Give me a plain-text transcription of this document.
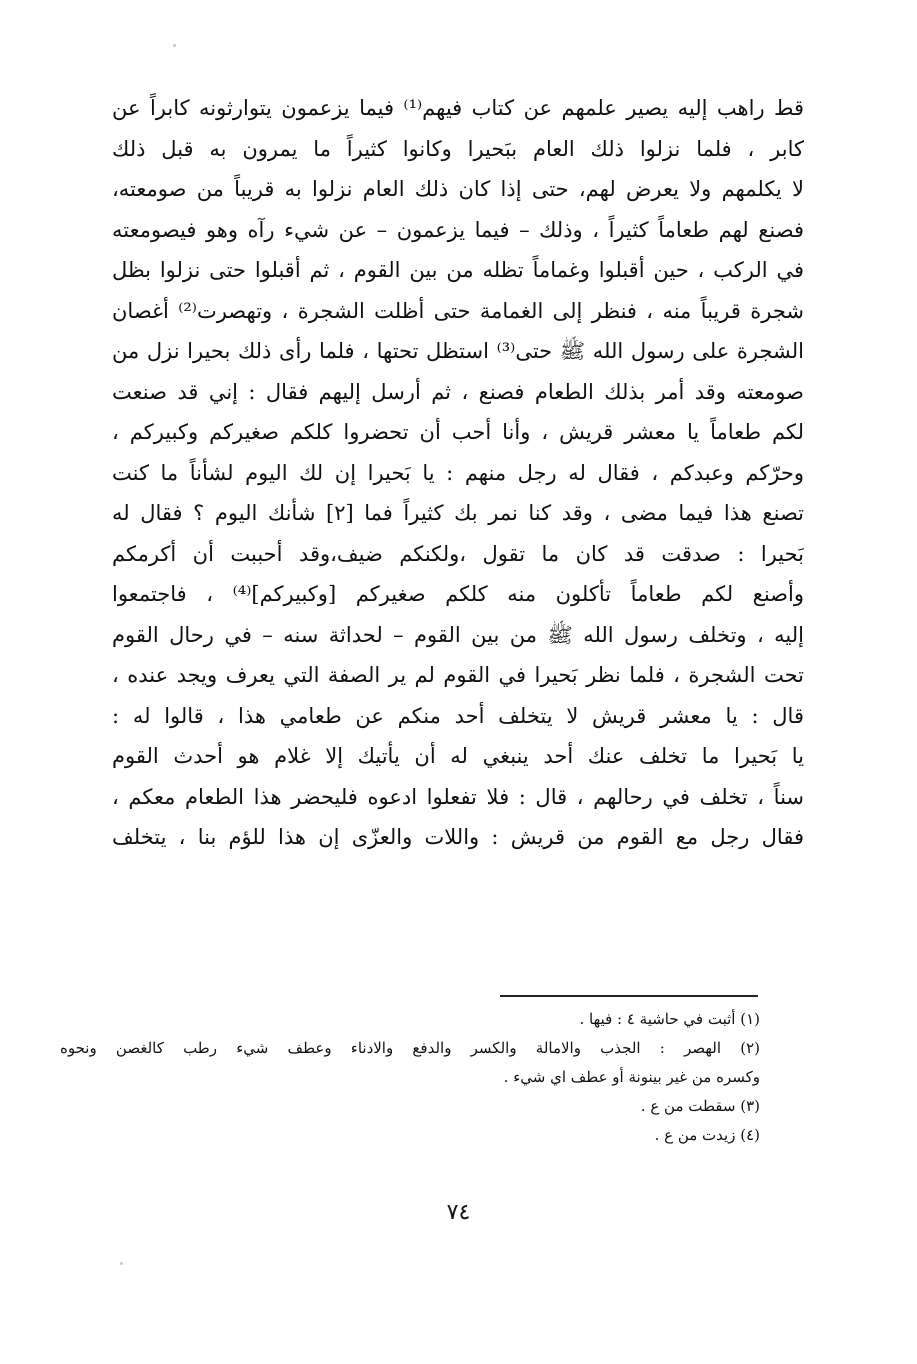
قط راهب إليه يصير علمهم عن كتاب فيهم⁽¹⁾ فيما يزعمون يتوارثونه كابراً عن
كابر ، فلما نزلوا ذلك العام ببَحيرا وكانوا كثيراً ما يمرون به قبل ذلك
لا يكلمهم ولا يعرض لهم، حتى إذا كان ذلك العام نزلوا به قريباً من صومعته،
فصنع لهم طعاماً كثيراً ، وذلك – فيما يزعمون – عن شيء رآه وهو فيصومعته
في الركب ، حين أقبلوا وغماماً تظله من بين القوم ، ثم أقبلوا حتى نزلوا بظل
شجرة قريباً منه ، فنظر إلى الغمامة حتى أظلت الشجرة ، وتهصرت⁽²⁾ أغصان
الشجرة على رسول الله ﷺ حتى⁽³⁾ استظل تحتها ، فلما رأى ذلك بحيرا نزل من
صومعته وقد أمر بذلك الطعام فصنع ، ثم أرسل إليهم فقال : إني قد صنعت
لكم طعاماً يا معشر قريش ، وأنا أحب أن تحضروا كلكم صغيركم وكبيركم ،
وحرّكم وعبدكم ، فقال له رجل منهم : يا بَحيرا إن لك اليوم لشأناً ما كنت
تصنع هذا فيما مضى ، وقد كنا نمر بك كثيراً فما [٢] شأنك اليوم ؟ فقال له
بَحيرا : صدقت قد كان ما تقول ،ولكنكم ضيف،وقد أحببت أن أكرمكم
وأصنع لكم طعاماً تأكلون منه كلكم صغيركم [وكبيركم]⁽⁴⁾ ، فاجتمعوا
إليه ، وتخلف رسول الله ﷺ من بين القوم – لحداثة سنه – في رحال القوم
تحت الشجرة ، فلما نظر بَحيرا في القوم لم ير الصفة التي يعرف ويجد عنده ،
قال : يا معشر قريش لا يتخلف أحد منكم عن طعامي هذا ، قالوا له :
يا بَحيرا ما تخلف عنك أحد ينبغي له أن يأتيك إلا غلام هو أحدث القوم
سناً ، تخلف في رحالهم ، قال : فلا تفعلوا ادعوه فليحضر هذا الطعام معكم ،
فقال رجل مع القوم من قريش : واللات والعزّى إن هذا للؤم بنا ، يتخلف
(١) أثبت في حاشية ٤ : فيها .
(٢) الهصر : الجذب والامالة والكسر والدفع والادناء وعطف شيء رطب كالغصن ونحوه
وكسره من غير بينونة أو عطف اي شيء .
(٣) سقطت من ع .
(٤) زيدت من ع .
٧٤
